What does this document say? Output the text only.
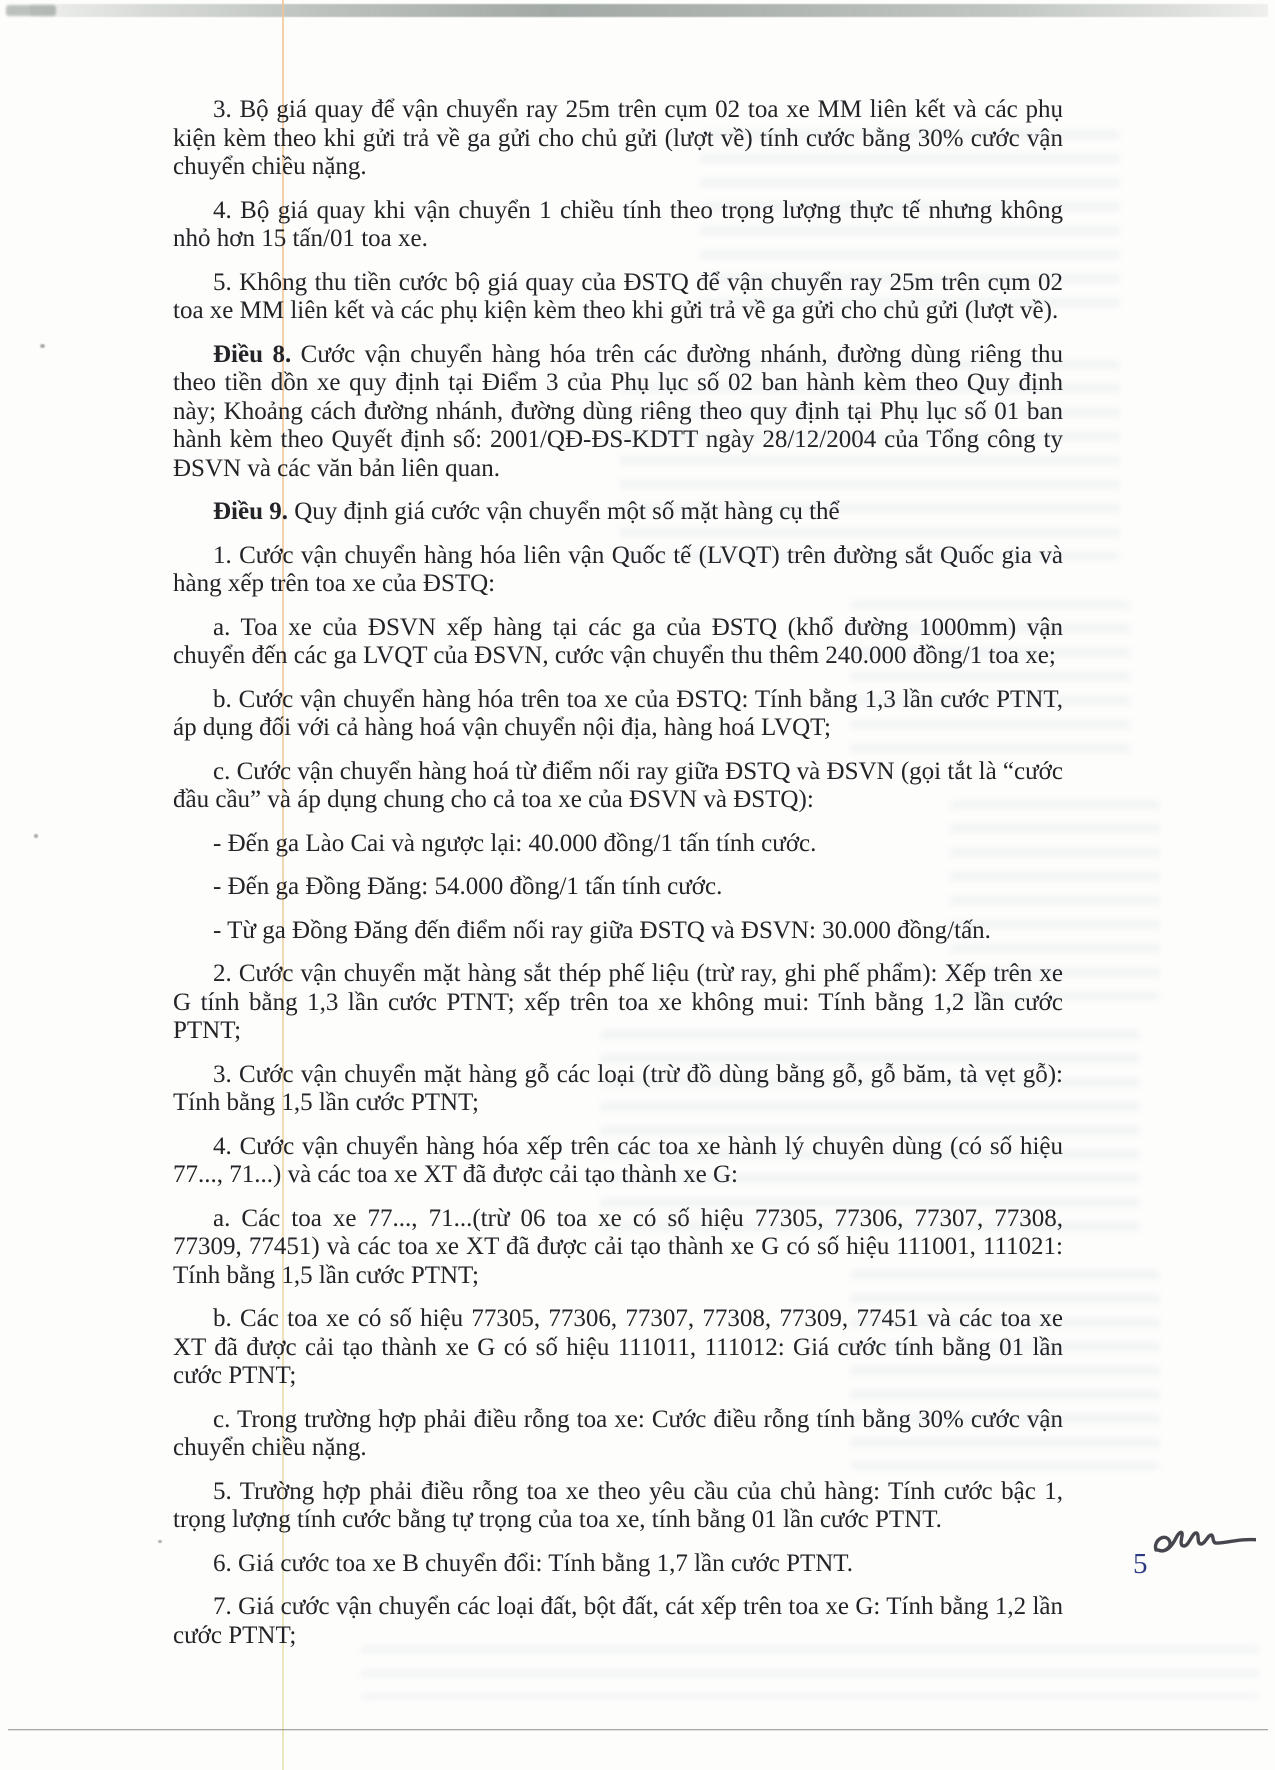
3. Bộ giá quay để vận chuyển ray 25m trên cụm 02 toa xe MM liên kết và các phụ kiện kèm theo khi gửi trả về ga gửi cho chủ gửi (lượt về) tính cước bằng 30% cước vận chuyển chiều nặng.

4. Bộ giá quay khi vận chuyển 1 chiều tính theo trọng lượng thực tế nhưng không nhỏ hơn 15 tấn/01 toa xe.

5. Không thu tiền cước bộ giá quay của ĐSTQ để vận chuyển ray 25m trên cụm 02 toa xe MM liên kết và các phụ kiện kèm theo khi gửi trả về ga gửi cho chủ gửi (lượt về).

Điều 8. Cước vận chuyển hàng hóa trên các đường nhánh, đường dùng riêng thu theo tiền dồn xe quy định tại Điểm 3 của Phụ lục số 02 ban hành kèm theo Quy định này; Khoảng cách đường nhánh, đường dùng riêng theo quy định tại Phụ lục số 01 ban hành kèm theo Quyết định số: 2001/QĐ-ĐS-KDTT ngày 28/12/2004 của Tổng công ty ĐSVN và các văn bản liên quan.

Điều 9. Quy định giá cước vận chuyển một số mặt hàng cụ thể

1. Cước vận chuyển hàng hóa liên vận Quốc tế (LVQT) trên đường sắt Quốc gia và hàng xếp trên toa xe của ĐSTQ:

a. Toa xe của ĐSVN xếp hàng tại các ga của ĐSTQ (khổ đường 1000mm) vận chuyển đến các ga LVQT của ĐSVN, cước vận chuyển thu thêm 240.000 đồng/1 toa xe;

b. Cước vận chuyển hàng hóa trên toa xe của ĐSTQ: Tính bằng 1,3 lần cước PTNT, áp dụng đối với cả hàng hoá vận chuyển nội địa, hàng hoá LVQT;

c. Cước vận chuyển hàng hoá từ điểm nối ray giữa ĐSTQ và ĐSVN (gọi tắt là “cước đầu cầu” và áp dụng chung cho cả toa xe của ĐSVN và ĐSTQ):

- Đến ga Lào Cai và ngược lại: 40.000 đồng/1 tấn tính cước.

- Đến ga Đồng Đăng: 54.000 đồng/1 tấn tính cước.

- Từ ga Đồng Đăng đến điểm nối ray giữa ĐSTQ và ĐSVN: 30.000 đồng/tấn.

2. Cước vận chuyển mặt hàng sắt thép phế liệu (trừ ray, ghi phế phẩm): Xếp trên xe G tính bằng 1,3 lần cước PTNT; xếp trên toa xe không mui: Tính bằng 1,2 lần cước PTNT;

3. Cước vận chuyển mặt hàng gỗ các loại (trừ đồ dùng bằng gỗ, gỗ băm, tà vẹt gỗ): Tính bằng 1,5 lần cước PTNT;

4. Cước vận chuyển hàng hóa xếp trên các toa xe hành lý chuyên dùng (có số hiệu 77..., 71...) và các toa xe XT đã được cải tạo thành xe G:

a. Các toa xe 77..., 71...(trừ 06 toa xe có số hiệu 77305, 77306, 77307, 77308, 77309, 77451) và các toa xe XT đã được cải tạo thành xe G có số hiệu 111001, 111021: Tính bằng 1,5 lần cước PTNT;

b. Các toa xe có số hiệu 77305, 77306, 77307, 77308, 77309, 77451 và các toa xe XT đã được cải tạo thành xe G có số hiệu 111011, 111012: Giá cước tính bằng 01 lần cước PTNT;

c. Trong trường hợp phải điều rỗng toa xe: Cước điều rỗng tính bằng 30% cước vận chuyển chiều nặng.

5. Trường hợp phải điều rỗng toa xe theo yêu cầu của chủ hàng: Tính cước bậc 1, trọng lượng tính cước bằng tự trọng của toa xe, tính bằng 01 lần cước PTNT.

6. Giá cước toa xe B chuyển đổi: Tính bằng 1,7 lần cước PTNT.

7. Giá cước vận chuyển các loại đất, bột đất, cát xếp trên toa xe G: Tính bằng 1,2 lần cước PTNT;

5
